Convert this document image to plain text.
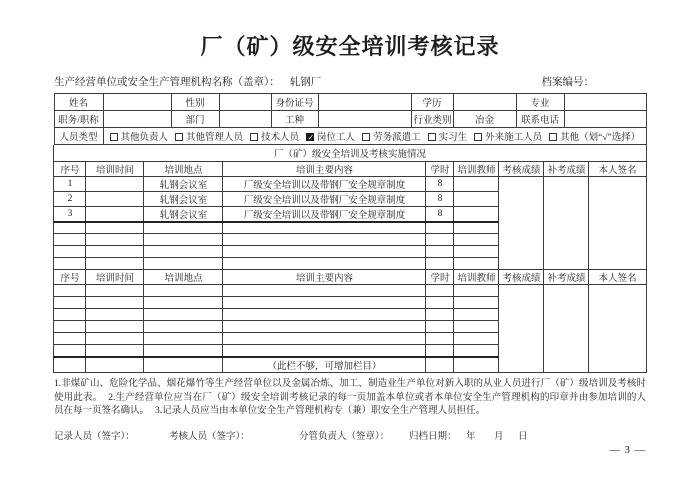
厂（矿）级安全培训考核记录
生产经营单位或安全生产管理机构名称（盖章）： 轧钢厂	档案编号：
姓名		性别		身份证号		学历		专业	
职务/职称		部门		工种		行业类别	冶金	联系电话	
人员类型	其他负责人 其他管理人员 技术人员 ✓ 岗位工人 劳务派遣工 实习生 外来施工人员 其他（划“√”选择）
厂（矿）级安全培训及考核实施情况								
序号	培训时间	培训地点	培训主要内容	学时	培训教师	考核成绩	补考成绩	本人签名
1		轧钢会议室	厂级安全培训以及带钢厂安全规章制度	8				
2		轧钢会议室	厂级安全培训以及带钢厂安全规章制度	8				
3		轧钢会议室	厂级安全培训以及带钢厂安全规章制度	8				

序号	培训时间	培训地点	培训主要内容	学时	培训教师	考核成绩	补考成绩	本人签名

			（此栏不够，可增加栏目）					
1.非煤矿山、危险化学品、烟花爆竹等生产经营单位以及金属冶炼、加工、制造业生产单位对新入职的从业人员进行厂（矿）级培训及考核时使用此表。 2.生产经营单位应当在厂（矿）级安全培训考核记录的每一页加盖本单位或者本单位安全生产管理机构的印章并由参加培训的人员在每一页签名确认。 3.记录人员应当由本单位安全生产管理机构专（兼）职安全生产管理人员担任。
记录人员（签字）：	考核人员（签字）：	分管负责人（签章）： 归档日期： 年 月 日
— 3 —
